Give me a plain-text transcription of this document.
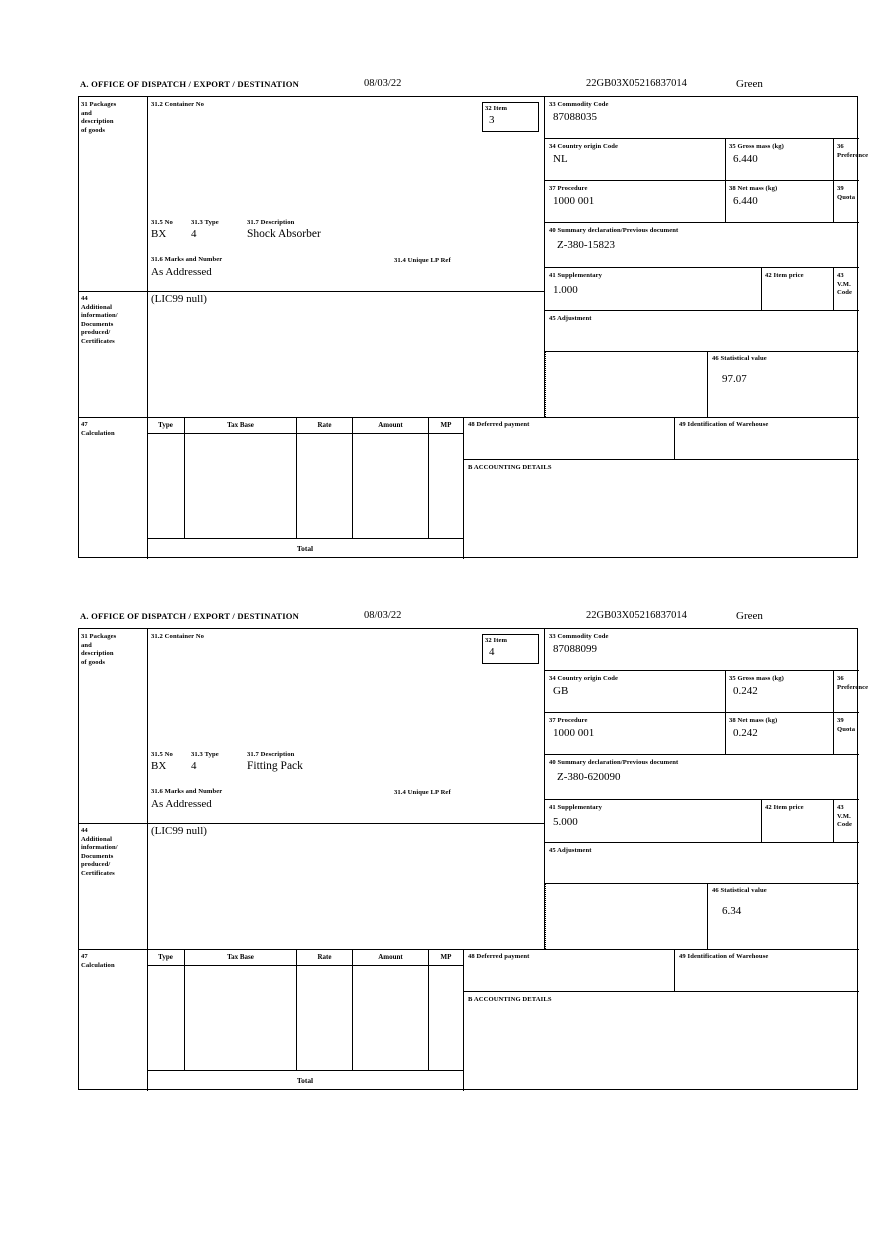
A. OFFICE OF DISPATCH / EXPORT / DESTINATION	08/03/22	22GB03X05216837014	Green
31 Packages
and
description
of goods
31.2 Container No
31.5 No	31.3 Type	31.7 Description
BX 4	Shock Absorber
31.6 Marks and Number	31.4 Unique LP Ref
As Addressed
32 Item
3
33 Commodity Code
87088035
34 Country origin Code
NL
35 Gross mass (kg)
6.440
36 Preference
37 Procedure
1000 001
38 Net mass (kg)
6.440
39 Quota
40 Summary declaration/Previous document
Z-380-15823
41 Supplementary
1.000
42 Item price	43 V.M. Code
45 Adjustment
46 Statistical value
97.07
44
Additional
information/
Documents
produced/
Certificates
(LIC99 null)
47
Calculation
Type	Tax Base	Rate	Amount	MP
Total
48 Deferred payment	49 Identification of Warehouse
B ACCOUNTING DETAILS
A. OFFICE OF DISPATCH / EXPORT / DESTINATION	08/03/22	22GB03X05216837014	Green
31 Packages
and
description
of goods
31.2 Container No
31.5 No	31.3 Type	31.7 Description
BX 4	Fitting Pack
31.6 Marks and Number	31.4 Unique LP Ref
As Addressed
32 Item
4
33 Commodity Code
87088099
34 Country origin Code
GB
35 Gross mass (kg)
0.242
36 Preference
37 Procedure
1000 001
38 Net mass (kg)
0.242
39 Quota
40 Summary declaration/Previous document
Z-380-620090
41 Supplementary
5.000
42 Item price	43 V.M. Code
45 Adjustment
46 Statistical value
6.34
44
Additional
information/
Documents
produced/
Certificates
(LIC99 null)
47
Calculation
Type	Tax Base	Rate	Amount	MP
Total
48 Deferred payment	49 Identification of Warehouse
B ACCOUNTING DETAILS
